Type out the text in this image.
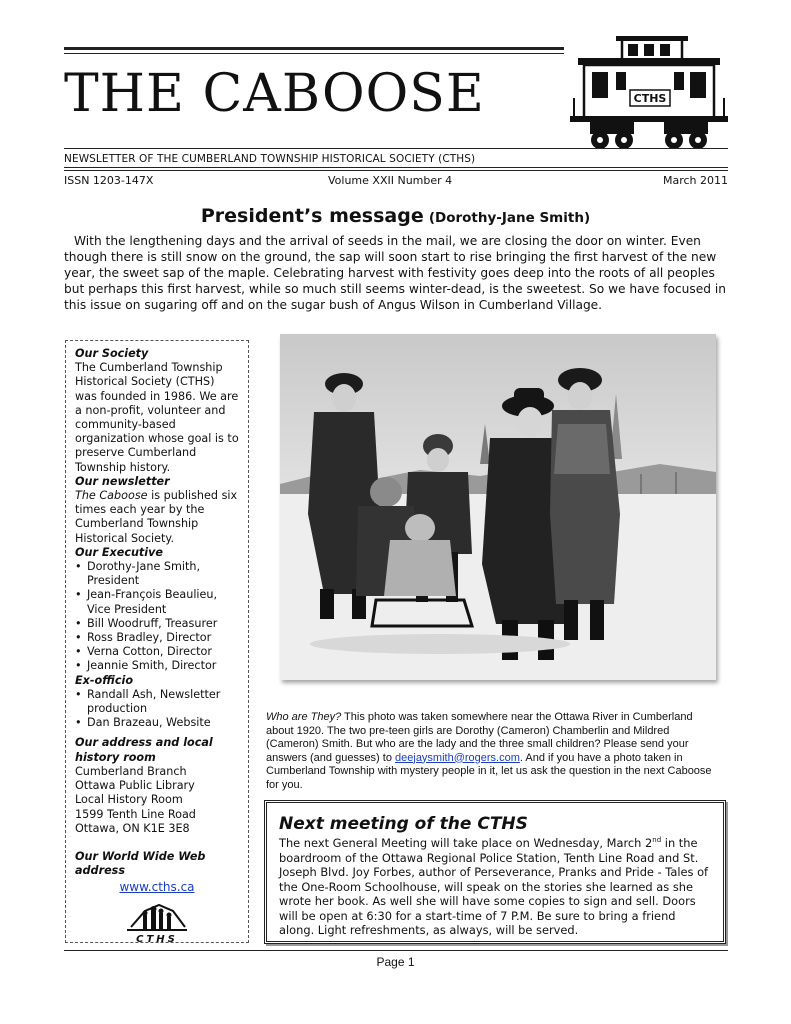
THE CABOOSE	CTHS
NEWSLETTER OF THE CUMBERLAND TOWNSHIP HISTORICAL SOCIETY (CTHS)
ISSN 1203-147X	Volume XXII Number 4	March 2011
President’s message (Dorothy-Jane Smith)
With the lengthening days and the arrival of seeds in the mail, we are closing the door on winter. Even though there is still snow on the ground, the sap will soon start to rise bringing the first harvest of the new year, the sweet sap of the maple. Celebrating harvest with festivity goes deep into the roots of all peoples but perhaps this first harvest, while so much still seems winter-dead, is the sweetest. So we have focused in this issue on sugaring off and on the sugar bush of Angus Wilson in Cumberland Village.
Our Society
The Cumberland Township Historical Society (CTHS) was founded in 1986. We are a non-profit, volunteer and community-based organization whose goal is to preserve Cumberland Township history.
Our newsletter
The Caboose is published six times each year by the Cumberland Township Historical Society.
Our Executive
• Dorothy-Jane Smith, President
• Jean-François Beaulieu, Vice President
• Bill Woodruff, Treasurer
• Ross Bradley, Director
• Verna Cotton, Director
• Jeannie Smith, Director
Ex-officio
• Randall Ash, Newsletter production
• Dan Brazeau, Website
Our address and local history room
Cumberland Branch
Ottawa Public Library
Local History Room
1599 Tenth Line Road
Ottawa, ON K1E 3E8
Our World Wide Web address
www.cths.ca
CTHS
Who are They? This photo was taken somewhere near the Ottawa River in Cumberland about 1920. The two pre-teen girls are Dorothy (Cameron) Chamberlin and Mildred (Cameron) Smith. But who are the lady and the three small children? Please send your answers (and guesses) to deejaysmith@rogers.com. And if you have a photo taken in Cumberland Township with mystery people in it, let us ask the question in the next Caboose for you.
Next meeting of the CTHS
The next General Meeting will take place on Wednesday, March 2nd in the boardroom of the Ottawa Regional Police Station, Tenth Line Road and St. Joseph Blvd. Joy Forbes, author of Perseverance, Pranks and Pride - Tales of the One-Room Schoolhouse, will speak on the stories she learned as she wrote her book. As well she will have some copies to sign and sell. Doors will be open at 6:30 for a start-time of 7 P.M. Be sure to bring a friend along. Light refreshments, as always, will be served.
Page 1
